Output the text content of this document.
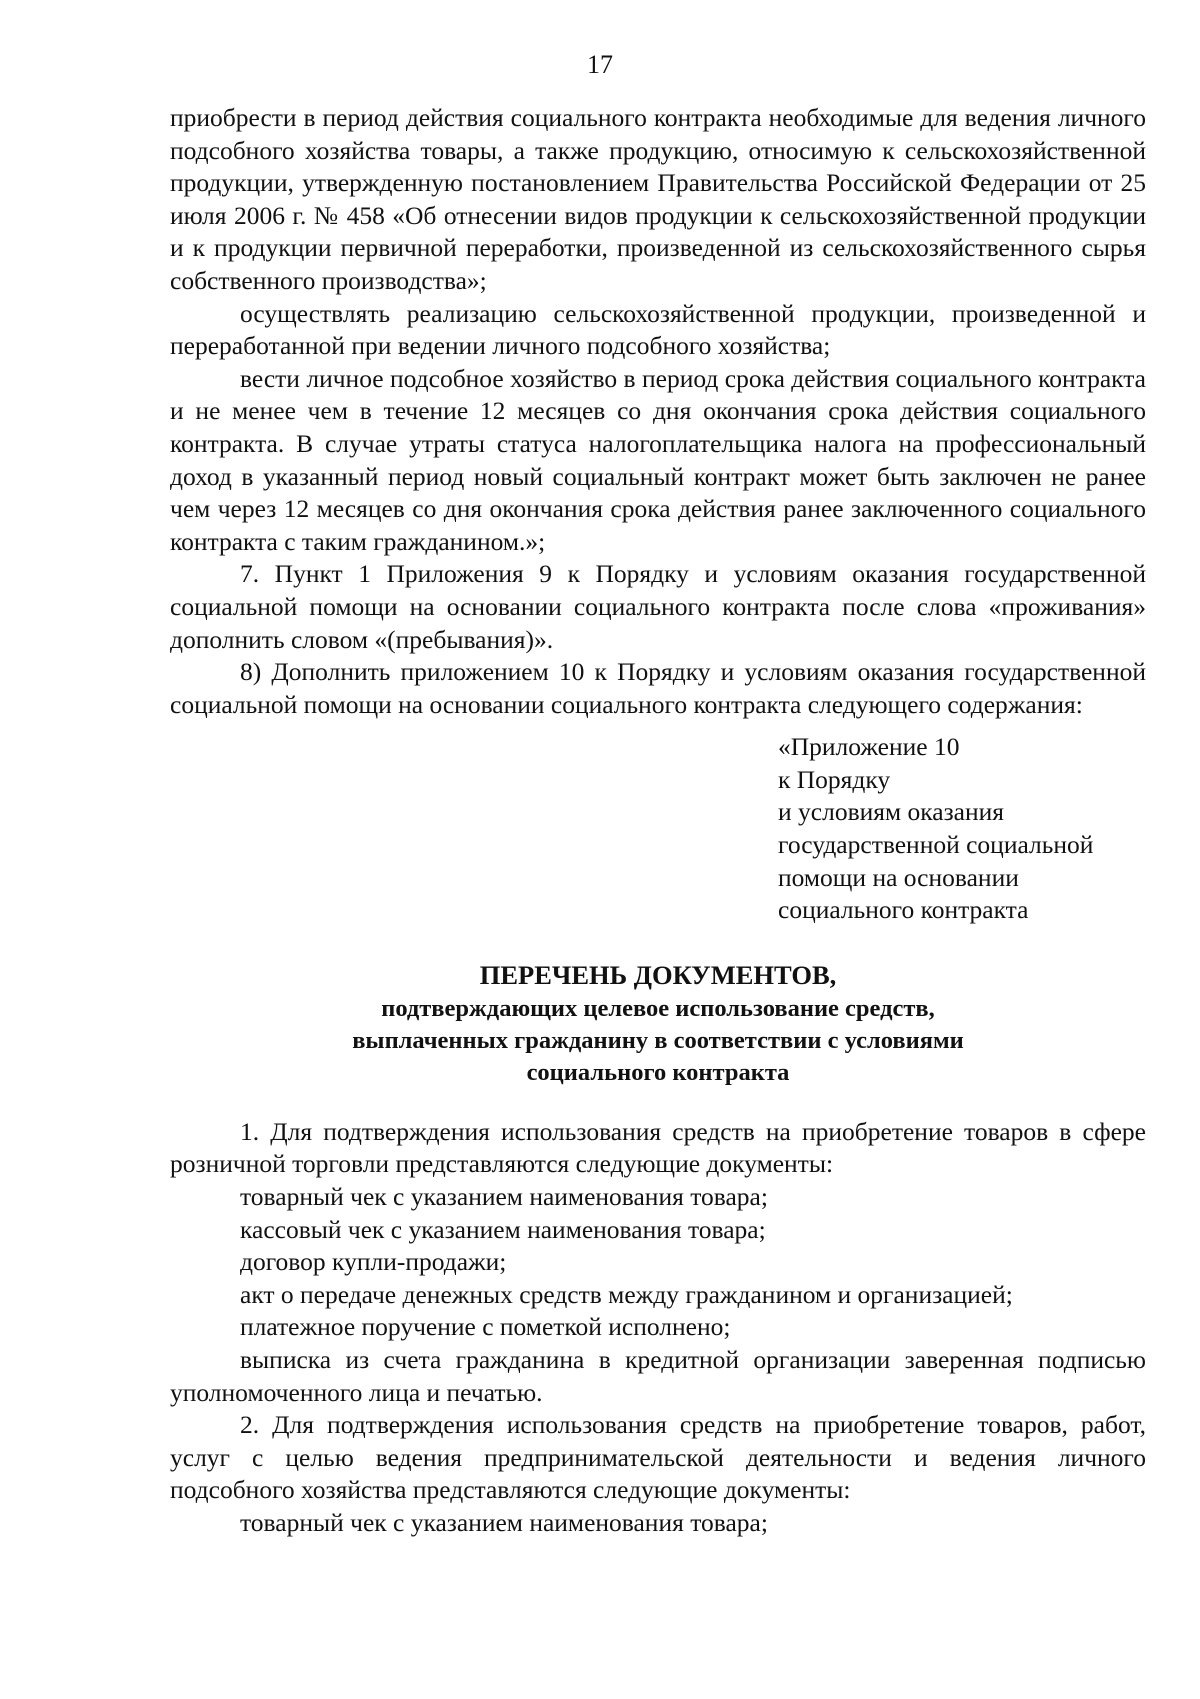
17

приобрести в период действия социального контракта необходимые для ведения личного подсобного хозяйства товары, а также продукцию, относимую к сельскохозяйственной продукции, утвержденную постановлением Правительства Российской Федерации от 25 июля 2006 г. № 458 «Об отнесении видов продукции к сельскохозяйственной продукции и к продукции первичной переработки, произведенной из сельскохозяйственного сырья собственного производства»;

осуществлять реализацию сельскохозяйственной продукции, произведенной и переработанной при ведении личного подсобного хозяйства;

вести личное подсобное хозяйство в период срока действия социального контракта и не менее чем в течение 12 месяцев со дня окончания срока действия социального контракта. В случае утраты статуса налогоплательщика налога на профессиональный доход в указанный период новый социальный контракт может быть заключен не ранее чем через 12 месяцев со дня окончания срока действия ранее заключенного социального контракта с таким гражданином.»;

7. Пункт 1 Приложения 9 к Порядку и условиям оказания государственной социальной помощи на основании социального контракта после слова «проживания» дополнить словом «(пребывания)».

8) Дополнить приложением 10 к Порядку и условиям оказания государственной социальной помощи на основании социального контракта следующего содержания:

«Приложение 10
к Порядку
и условиям оказания
государственной социальной
помощи на основании
социального контракта
ПЕРЕЧЕНЬ ДОКУМЕНТОВ,
подтверждающих целевое использование средств,
выплаченных гражданину в соответствии с условиями
социального контракта

1. Для подтверждения использования средств на приобретение товаров в сфере розничной торговли представляются следующие документы:

товарный чек с указанием наименования товара;

кассовый чек с указанием наименования товара;

договор купли-продажи;

акт о передаче денежных средств между гражданином и организацией;

платежное поручение с пометкой исполнено;

выписка из счета гражданина в кредитной организации заверенная подписью уполномоченного лица и печатью.

2. Для подтверждения использования средств на приобретение товаров, работ, услуг с целью ведения предпринимательской деятельности и ведения личного подсобного хозяйства представляются следующие документы:

товарный чек с указанием наименования товара;
